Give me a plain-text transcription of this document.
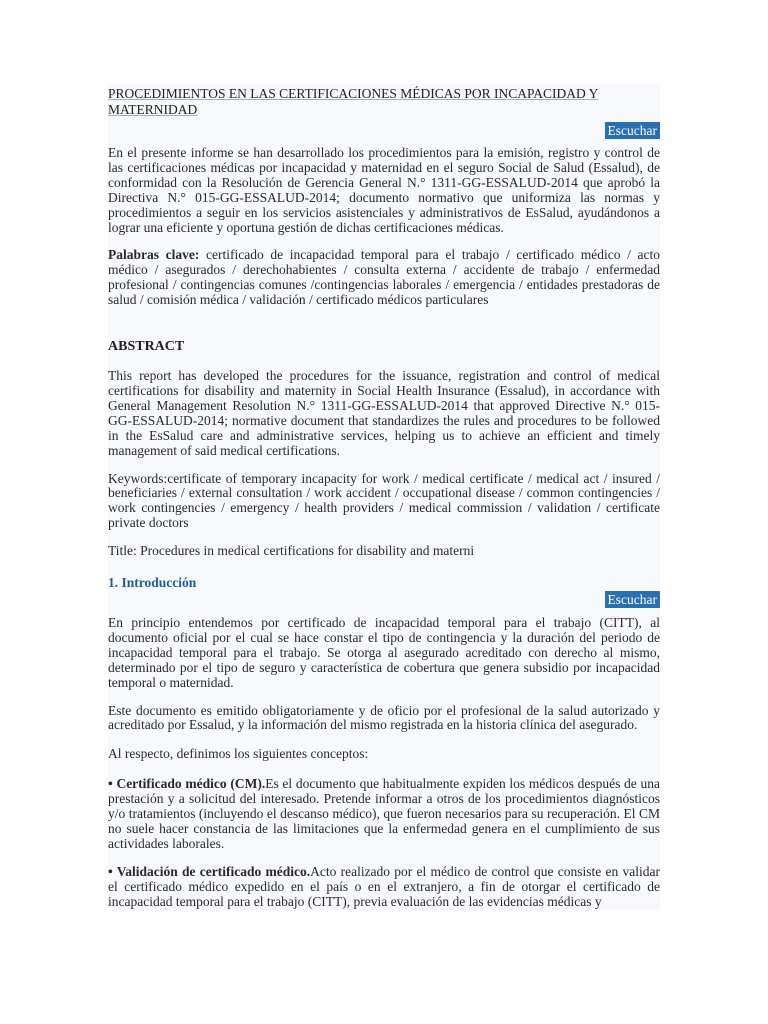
PROCEDIMIENTOS EN LAS CERTIFICACIONES MÉDICAS POR INCAPACIDAD Y MATERNIDAD
Escuchar

En el presente informe se han desarrollado los procedimientos para la emisión, registro y control de las certificaciones médicas por incapacidad y maternidad en el seguro Social de Salud (Essalud), de conformidad con la Resolución de Gerencia General N.° 1311-GG-ESSALUD-2014 que aprobó la Directiva N.° 015-GG-ESSALUD-2014; documento normativo que uniformiza las normas y procedimientos a seguir en los servicios asistenciales y administrativos de EsSalud, ayudándonos a lograr una eficiente y oportuna gestión de dichas certificaciones médicas.

Palabras clave: certificado de incapacidad temporal para el trabajo / certificado médico / acto médico / asegurados / derechohabientes / consulta externa / accidente de trabajo / enfermedad profesional / contingencias comunes /contingencias laborales / emergencia / entidades prestadoras de salud / comisión médica / validación / certificado médicos particulares

ABSTRACT

This report has developed the procedures for the issuance, registration and control of medical certifications for disability and maternity in Social Health Insurance (Essalud), in accordance with General Management Resolution N.° 1311-GG-ESSALUD-2014 that approved Directive N.° 015-GG-ESSALUD-2014; normative document that standardizes the rules and procedures to be followed in the EsSalud care and administrative services, helping us to achieve an efficient and timely management of said medical certifications.

Keywords:certificate of temporary incapacity for work / medical certificate / medical act / insured / beneficiaries / external consultation / work accident / occupational disease / common contingencies / work contingencies / emergency / health providers / medical commission / validation / certificate private doctors

Title: Procedures in medical certifications for disability and materni

1. Introducción
Escuchar

En principio entendemos por certificado de incapacidad temporal para el trabajo (CITT), al documento oficial por el cual se hace constar el tipo de contingencia y la duración del periodo de incapacidad temporal para el trabajo. Se otorga al asegurado acreditado con derecho al mismo, determinado por el tipo de seguro y característica de cobertura que genera subsidio por incapacidad temporal o maternidad.

Este documento es emitido obligatoriamente y de oficio por el profesional de la salud autorizado y acreditado por Essalud, y la información del mismo registrada en la historia clínica del asegurado.

Al respecto, definimos los siguientes conceptos:

• Certificado médico (CM).Es el documento que habitualmente expiden los médicos después de una prestación y a solicitud del interesado. Pretende informar a otros de los procedimientos diagnósticos y/o tratamientos (incluyendo el descanso médico), que fueron necesarios para su recuperación. El CM no suele hacer constancia de las limitaciones que la enfermedad genera en el cumplimiento de sus actividades laborales.

• Validación de certificado médico.Acto realizado por el médico de control que consiste en validar el certificado médico expedido en el país o en el extranjero, a fin de otorgar el certificado de incapacidad temporal para el trabajo (CITT), previa evaluación de las evidencias médicas y
